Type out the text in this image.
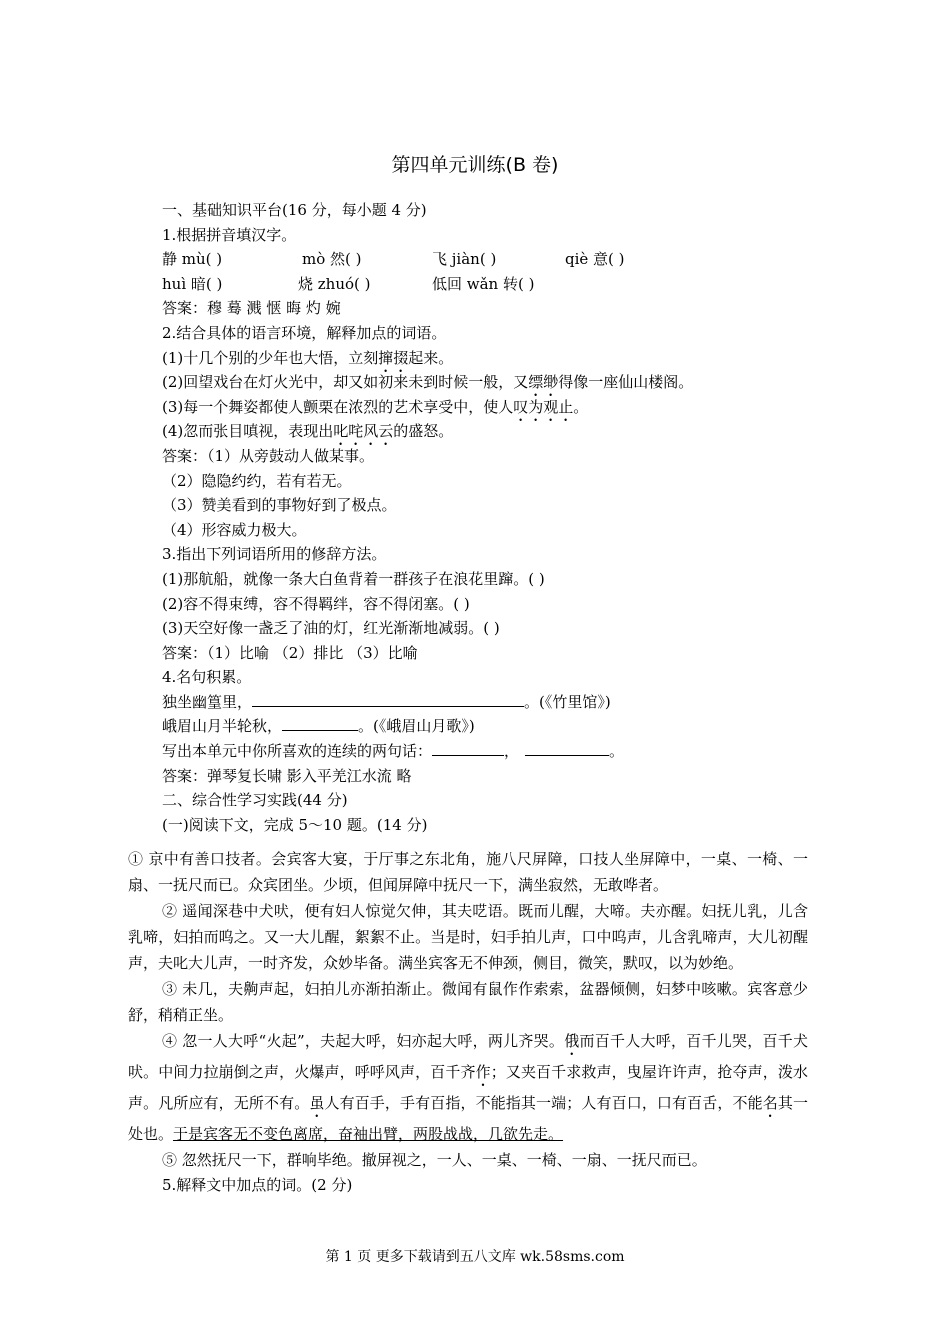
第四单元训练(B 卷)
一、基础知识平台(16 分，每小题 4 分)
1.根据拼音填汉字。
静 mù( )	mò 然( )	飞 jiàn( )	qiè 意( )
huì 暗( )	烧 zhuó( )	低回 wǎn 转( )
答案：穆 蓦 溅 惬 晦 灼 婉
2.结合具体的语言环境，解释加点的词语。
(1)十几个别的少年也大悟，立刻撺掇起来。
(2)回望戏台在灯火光中，却又如初来未到时候一般，又缥缈得像一座仙山楼阁。
(3)每一个舞姿都使人颤栗在浓烈的艺术享受中，使人叹为观止。
(4)忽而张目嗔视，表现出叱咤风云的盛怒。
答案：（1）从旁鼓动人做某事。
（2）隐隐约约，若有若无。
（3）赞美看到的事物好到了极点。
（4）形容威力极大。
3.指出下列词语所用的修辞方法。
(1)那航船，就像一条大白鱼背着一群孩子在浪花里蹿。( )
(2)容不得束缚，容不得羁绊，容不得闭塞。( )
(3)天空好像一盏乏了油的灯，红光渐渐地减弱。( )
答案：（1）比喻 （2）排比 （3）比喻
4.名句积累。
独坐幽篁里，	。(《竹里馆》)
峨眉山月半轮秋，	。(《峨眉山月歌》)
写出本单元中你所喜欢的连续的两句话：	，	。
答案：弹琴复长啸 影入平羌江水流 略
二、综合性学习实践(44 分)
(一)阅读下文，完成 5～10 题。(14 分)
① 京中有善口技者。会宾客大宴，于厅事之东北角，施八尺屏障，口技人坐屏障中，一桌、一椅、一扇、一抚尺而已。众宾团坐。少顷，但闻屏障中抚尺一下，满坐寂然，无敢哗者。
② 遥闻深巷中犬吠，便有妇人惊觉欠伸，其夫呓语。既而儿醒，大啼。夫亦醒。妇抚儿乳，儿含乳啼，妇拍而呜之。又一大儿醒，絮絮不止。当是时，妇手拍儿声，口中呜声，儿含乳啼声，大儿初醒声，夫叱大儿声，一时齐发，众妙毕备。满坐宾客无不伸颈，侧目，微笑，默叹，以为妙绝。
③ 未几，夫齁声起，妇拍儿亦渐拍渐止。微闻有鼠作作索索，盆器倾侧，妇梦中咳嗽。宾客意少舒，稍稍正坐。
④ 忽一人大呼“火起”，夫起大呼，妇亦起大呼，两儿齐哭。俄而百千人大呼，百千儿哭，百千犬吠。中间力拉崩倒之声，火爆声，呼呼风声，百千齐作；又夹百千求救声，曳屋许许声，抢夺声，泼水声。凡所应有，无所不有。虽人有百手，手有百指，不能指其一端；人有百口，口有百舌，不能名其一处也。于是宾客无不变色离席，奋袖出臂，两股战战，几欲先走。
⑤ 忽然抚尺一下，群响毕绝。撤屏视之，一人、一桌、一椅、一扇、一抚尺而已。
5.解释文中加点的词。(2 分)
第 1 页 更多下载请到五八文库 wk.58sms.com
